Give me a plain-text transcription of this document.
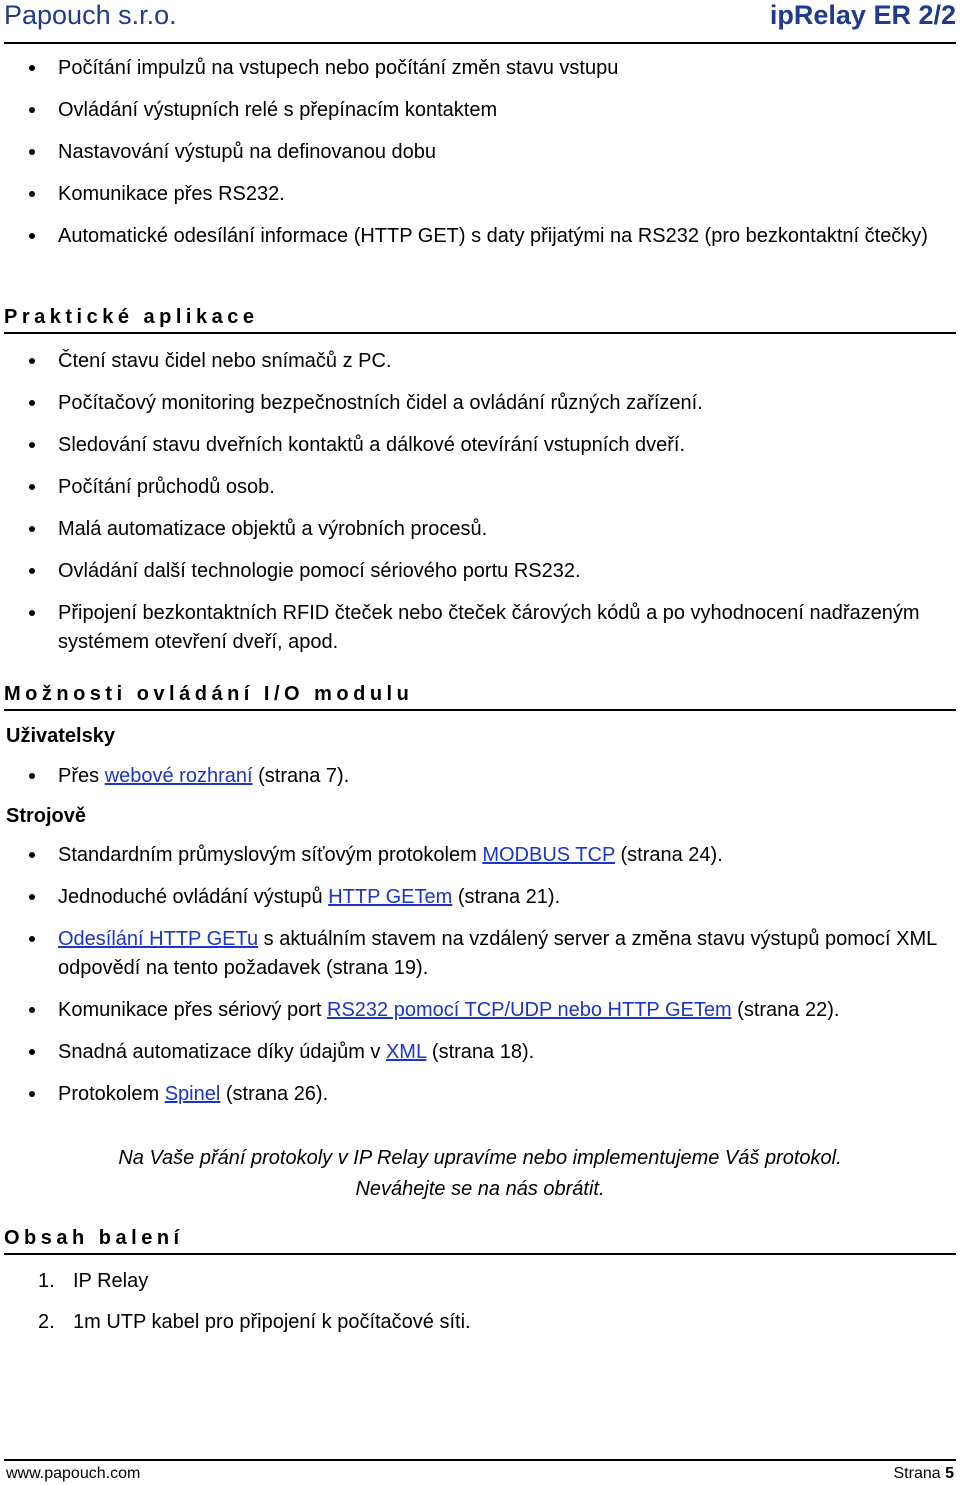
Papouch s.r.o.	ipRelay ER 2/2
Počítání impulzů na vstupech nebo počítání změn stavu vstupu
Ovládání výstupních relé s přepínacím kontaktem
Nastavování výstupů na definovanou dobu
Komunikace přes RS232.
Automatické odesílání informace (HTTP GET) s daty přijatými na RS232 (pro bezkontaktní čtečky)
Praktické aplikace
Čtení stavu čidel nebo snímačů z PC.
Počítačový monitoring bezpečnostních čidel a ovládání různých zařízení.
Sledování stavu dveřních kontaktů a dálkové otevírání vstupních dveří.
Počítání průchodů osob.
Malá automatizace objektů a výrobních procesů.
Ovládání další technologie pomocí sériového portu RS232.
Připojení bezkontaktních RFID čteček nebo čteček čárových kódů a po vyhodnocení nadřazeným systémem otevření dveří, apod.
Možnosti ovládání I/O modulu
Uživatelsky
Přes webové rozhraní (strana 7).
Strojově
Standardním průmyslovým síťovým protokolem MODBUS TCP (strana 24).
Jednoduché ovládání výstupů HTTP GETem (strana 21).
Odesílání HTTP GETu s aktuálním stavem na vzdálený server a změna stavu výstupů pomocí XML odpovědí na tento požadavek (strana 19).
Komunikace přes sériový port RS232 pomocí TCP/UDP nebo HTTP GETem (strana 22).
Snadná automatizace díky údajům v XML (strana 18).
Protokolem Spinel (strana 26).
Na Vaše přání protokoly v IP Relay upravíme nebo implementujeme Váš protokol.
Neváhejte se na nás obrátit.
Obsah balení
1. IP Relay
2. 1m UTP kabel pro připojení k počítačové síti.
www.papouch.com	Strana 5
